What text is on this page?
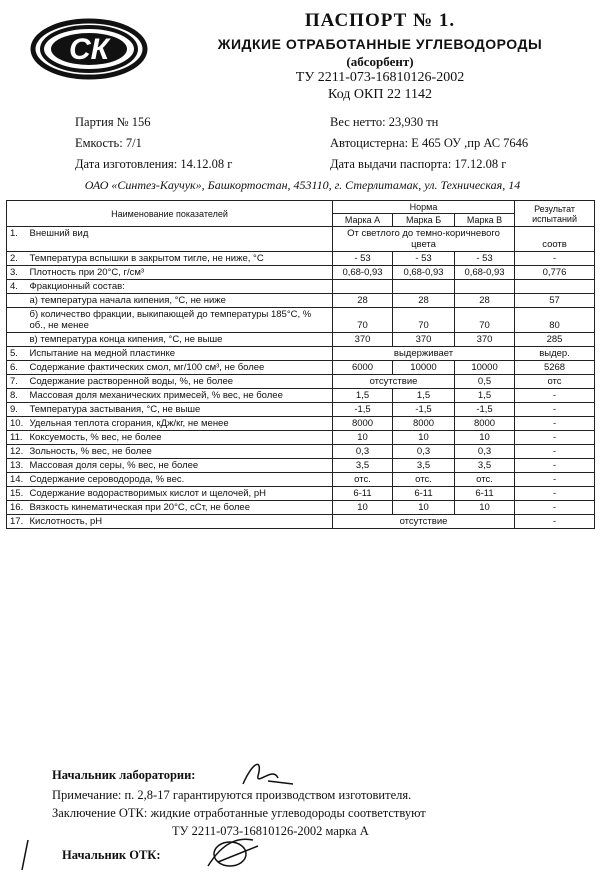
СК
ПАСПОРТ № 1.
ЖИДКИЕ ОТРАБОТАННЫЕ УГЛЕВОДОРОДЫ
(абсорбент)
ТУ 2211-073-16810126-2002
Код ОКП 22 1142
Партия № 156	Вес нетто: 23,930 тн
Емкость: 7/1	Автоцистерна: Е 465 ОУ ,пр АС 7646
Дата изготовления: 14.12.08 г	Дата выдачи паспорта: 17.12.08 г
ОАО «Синтез-Каучук», Башкортостан, 453110, г. Стерлитамак, ул. Техническая, 14
Наименование показателей		Норма			Результат испытаний
		Марка А	Марка Б	Марка В	
1.	Внешний вид	От светлого до темно-коричневого цвета			соотв
2.	Температура вспышки в закрытом тигле, не ниже, °С	- 53	- 53	- 53	-
3.	Плотность при 20°С, г/см³	0,68-0,93	0,68-0,93	0,68-0,93	0,776
4.	Фракционный состав:				
	а) температура начала кипения, °С, не ниже	28	28	28	57
	б) количество фракции, выкипающей до температуры 185°С, % об., не менее	70	70	70	80
	в) температура конца кипения, °С, не выше	370	370	370	285
5.	Испытание на медной пластинке	выдерживает			выдер.
6.	Содержание фактических смол, мг/100 см³, не более	6000	10000	10000	5268
7.	Содержание растворенной воды, %, не более	отсутствие		0,5	отс
8.	Массовая доля механических примесей, % вес, не более	1,5	1,5	1,5	-
9.	Температура застывания, °С, не выше	-1,5	-1,5	-1,5	-
10.	Удельная теплота сгорания, кДж/кг, не менее	8000	8000	8000	-
11.	Коксуемость, % вес, не более	10	10	10	-
12.	Зольность, % вес, не более	0,3	0,3	0,3	-
13.	Массовая доля серы, % вес, не более	3,5	3,5	3,5	-
14.	Содержание сероводорода, % вес.	отс.	отс.	отс.	-
15.	Содержание водорастворимых кислот и щелочей, рН	6-11	6-11	6-11	-
16.	Вязкость кинематическая при 20°С, сСт, не более	10	10	10	-
17.	Кислотность, рН	отсутствие			-
Начальник лаборатории:
Примечание: п. 2,8-17 гарантируются производством изготовителя.
Заключение ОТК: жидкие отработанные углеводороды соответствуют
ТУ 2211-073-16810126-2002 марка А
Начальник ОТК:
